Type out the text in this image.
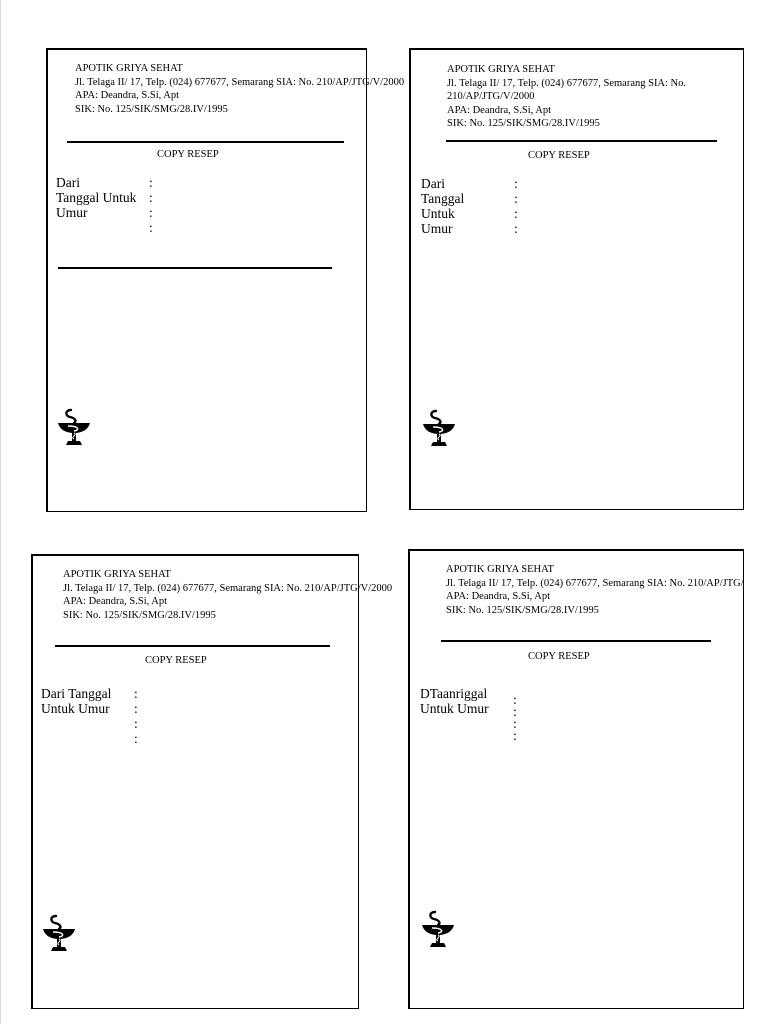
APOTIK GRIYA SEHAT
Jl. Telaga II/ 17, Telp. (024) 677677, Semarang SIA: No. 210/AP/JTG/V/2000
APA: Deandra, S.Si, Apt
SIK: No. 125/SIK/SMG/28.IV/1995
COPY RESEP
Dari	:
Tanggal Untuk :
Umur	:
:
APOTIK GRIYA SEHAT
Jl. Telaga II/ 17, Telp. (024) 677677, Semarang SIA: No. 210/AP/JTG/V/2000
APA: Deandra, S.Si, Apt
SIK: No. 125/SIK/SMG/28.IV/1995
COPY RESEP
Dari	:
Tanggal	:
Untuk	:
Umur	:
APOTIK GRIYA SEHAT
Jl. Telaga II/ 17, Telp. (024) 677677, Semarang SIA: No. 210/AP/JTG/V/2000
APA: Deandra, S.Si, Apt
SIK: No. 125/SIK/SMG/28.IV/1995
COPY RESEP
Dari Tanggal :
Untuk Umur :
:
:
APOTIK GRIYA SEHAT
Jl. Telaga II/ 17, Telp. (024) 677677, Semarang SIA: No. 210/AP/JTG/
APA: Deandra, S.Si, Apt
SIK: No. 125/SIK/SMG/28.IV/1995
COPY RESEP
DTaanriggal :
Untuk Umur :
:
:
